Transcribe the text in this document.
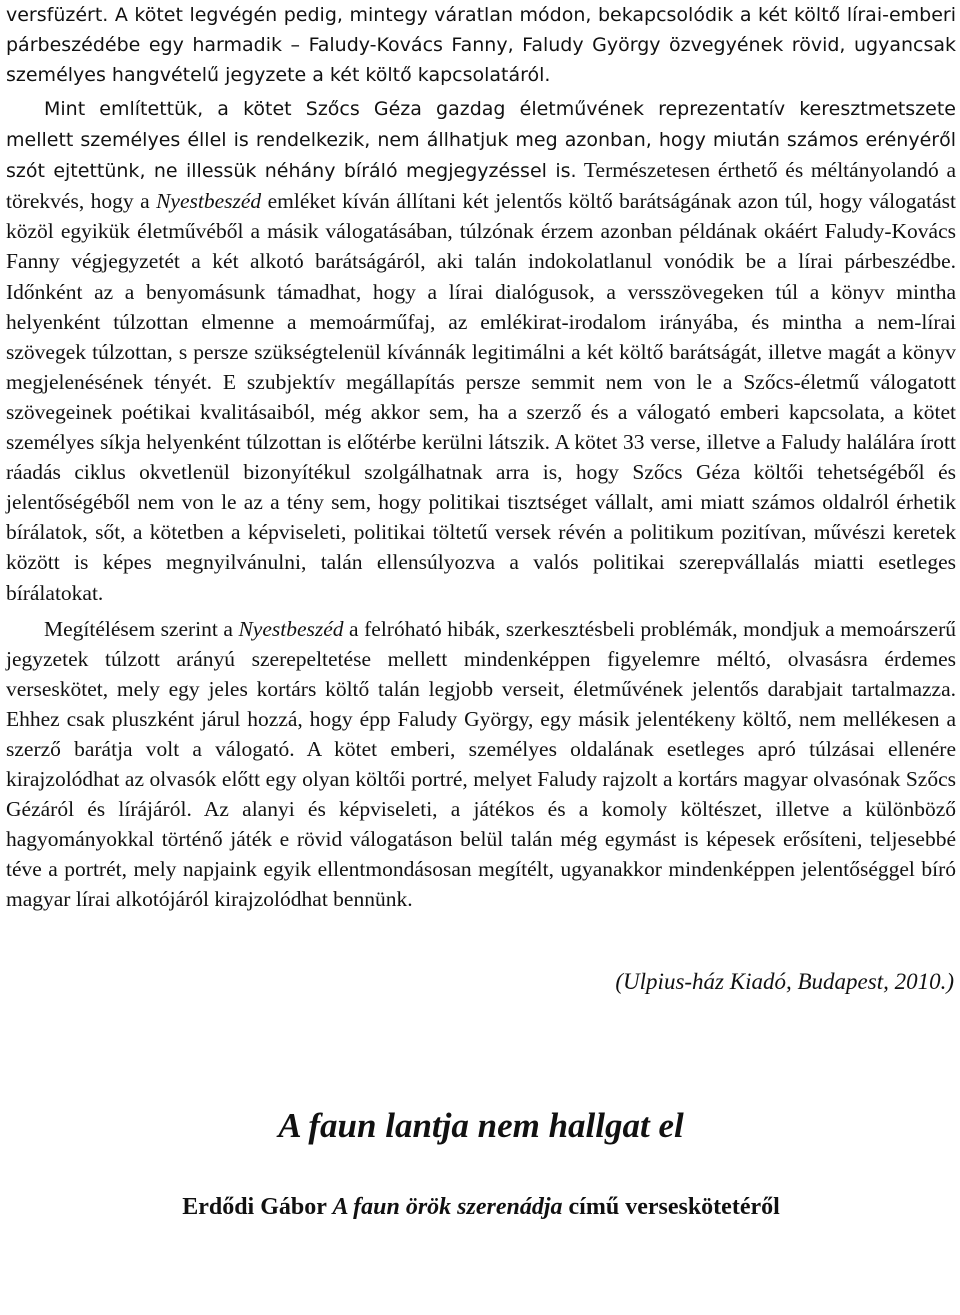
versfüzért. A kötet legvégén pedig, mintegy váratlan módon, bekapcsolódik a két költő lírai-emberi párbeszédébe egy harmadik – Faludy-Kovács Fanny, Faludy György özvegyének rövid, ugyancsak személyes hangvételű jegyzete a két költő kapcsolatáról.

Mint említettük, a kötet Szőcs Géza gazdag életművének reprezentatív keresztmetszete mellett személyes éllel is rendelkezik, nem állhatjuk meg azonban, hogy miután számos erényéről szót ejtettünk, ne illessük néhány bíráló megjegyzéssel is. Természetesen érthető és méltányolandó a törekvés, hogy a Nyestbeszéd emléket kíván állítani két jelentős költő barátságának azon túl, hogy válogatást közöl egyikük életművéből a másik válogatásában, túlzónak érzem azonban példának okáért Faludy-Kovács Fanny végjegyzetét a két alkotó barátságáról, aki talán indokolatlanul vonódik be a lírai párbeszédbe. Időnként az a benyomásunk támadhat, hogy a lírai dialógusok, a versszövegeken túl a könyv mintha helyenként túlzottan elmenne a memoárműfaj, az emlékirat-irodalom irányába, és mintha a nem-lírai szövegek túlzottan, s persze szükségtelenül kívánnák legitimálni a két költő barátságát, illetve magát a könyv megjelenésének tényét. E szubjektív megállapítás persze semmit nem von le a Szőcs-életmű válogatott szövegeinek poétikai kvalitásaiból, még akkor sem, ha a szerző és a válogató emberi kapcsolata, a kötet személyes síkja helyenként túlzottan is előtérbe kerülni látszik. A kötet 33 verse, illetve a Faludy halálára írott ráadás ciklus okvetlenül bizonyítékul szolgálhatnak arra is, hogy Szőcs Géza költői tehetségéből és jelentőségéből nem von le az a tény sem, hogy politikai tisztséget vállalt, ami miatt számos oldalról érhetik bírálatok, sőt, a kötetben a képviseleti, politikai töltetű versek révén a politikum pozitívan, művészi keretek között is képes megnyilvánulni, talán ellensúlyozva a valós politikai szerepvállalás miatti esetleges bírálatokat.

Megítélésem szerint a Nyestbeszéd a felróható hibák, szerkesztésbeli problémák, mondjuk a memoárszerű jegyzetek túlzott arányú szerepeltetése mellett mindenképpen figyelemre méltó, olvasásra érdemes verseskötet, mely egy jeles kortárs költő talán legjobb verseit, életművének jelentős darabjait tartalmazza. Ehhez csak pluszként járul hozzá, hogy épp Faludy György, egy másik jelentékeny költő, nem mellékesen a szerző barátja volt a válogató. A kötet emberi, személyes oldalának esetleges apró túlzásai ellenére kirajzolódhat az olvasók előtt egy olyan költői portré, melyet Faludy rajzolt a kortárs magyar olvasónak Szőcs Gézáról és lírájáról. Az alanyi és képviseleti, a játékos és a komoly költészet, illetve a különböző hagyományokkal történő játék e rövid válogatáson belül talán még egymást is képesek erősíteni, teljesebbé téve a portrét, mely napjaink egyik ellentmondásosan megítélt, ugyanakkor mindenképpen jelentőséggel bíró magyar lírai alkotójáról kirajzolódhat bennünk.

(Ulpius-ház Kiadó, Budapest, 2010.)
A faun lantja nem hallgat el
Erdődi Gábor A faun örök szerenádja című verseskötetéről
